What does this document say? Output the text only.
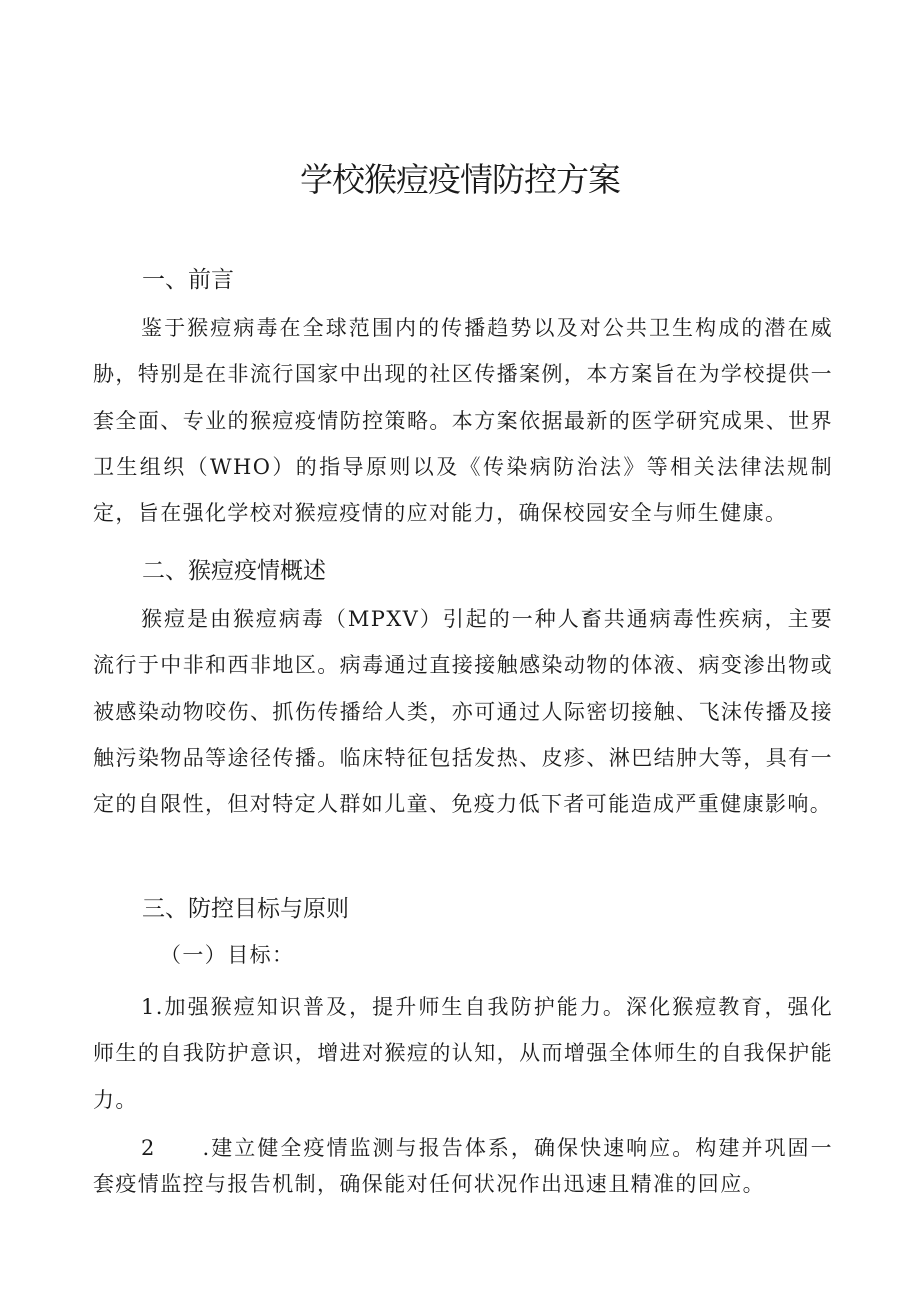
学校猴痘疫情防控方案
一、前言

鉴于猴痘病毒在全球范围内的传播趋势以及对公共卫生构成的潜在威胁，特别是在非流行国家中出现的社区传播案例，本方案旨在为学校提供一套全面、专业的猴痘疫情防控策略。本方案依据最新的医学研究成果、世界卫生组织（WHO）的指导原则以及《传染病防治法》等相关法律法规制定，旨在强化学校对猴痘疫情的应对能力，确保校园安全与师生健康。

二、猴痘疫情概述

猴痘是由猴痘病毒（MPXV）引起的一种人畜共通病毒性疾病，主要流行于中非和西非地区。病毒通过直接接触感染动物的体液、病变渗出物或被感染动物咬伤、抓伤传播给人类，亦可通过人际密切接触、飞沫传播及接触污染物品等途径传播。临床特征包括发热、皮疹、淋巴结肿大等，具有一定的自限性，但对特定人群如儿童、免疫力低下者可能造成严重健康影响。

三、防控目标与原则

（一）目标：

1.加强猴痘知识普及，提升师生自我防护能力。深化猴痘教育，强化师生的自我防护意识，增进对猴痘的认知，从而增强全体师生的自我保护能力。

2　　.建立健全疫情监测与报告体系，确保快速响应。构建并巩固一套疫情监控与报告机制，确保能对任何状况作出迅速且精准的回应。
